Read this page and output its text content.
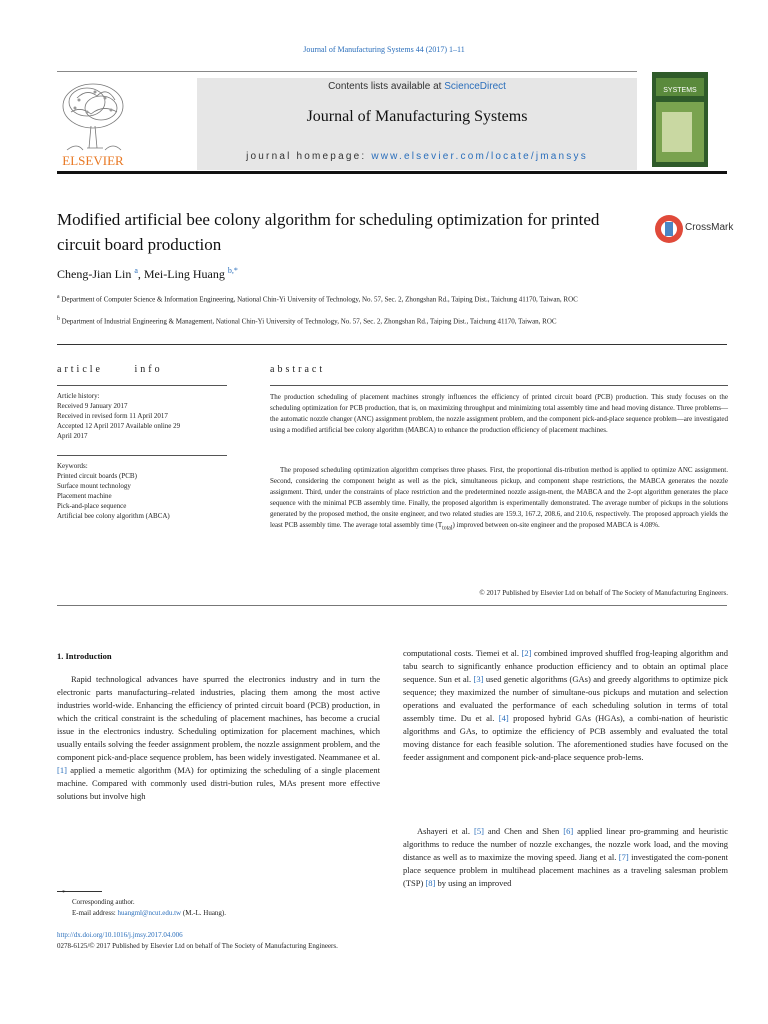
Journal of Manufacturing Systems 44 (2017) 1–11
ELSEVIER
Contents lists available at ScienceDirect
Journal of Manufacturing Systems
journal homepage: www.elsevier.com/locate/jmansys
SYSTEMS
Modified artificial bee colony algorithm for scheduling optimization for printed circuit board production
CrossMark
Cheng-Jian Lin $^a$, Mei-Ling Huang $^{b,*}$
$^a$ Department of Computer Science & Information Engineering, National Chin-Yi University of Technology, No. 57, Sec. 2, Zhongshan Rd., Taiping Dist., Taichung 41170, Taiwan, ROC
$^b$ Department of Industrial Engineering & Management, National Chin-Yi University of Technology, No. 57, Sec. 2, Zhongshan Rd., Taiping Dist., Taichung 41170, Taiwan, ROC
article	info
Article history:
Received 9 January 2017
Received in revised form 11 April 2017
Accepted 12 April 2017 Available online 29
April 2017
Keywords:
Printed circuit boards (PCB)
Surface mount technology
Placement machine
Pick-and-place sequence
Artificial bee colony algorithm (ABCA)
abstract
The production scheduling of placement machines strongly influences the efficiency of printed circuit board (PCB) production. This study focuses on the scheduling optimization for PCB production, that is, on maximizing throughput and minimizing total assembly time and head moving distance. Three problems—the automatic nozzle changer (ANC) assignment problem, the nozzle assignment problem, and the component pick-and-place sequence problem—are investigated using a modified artificial bee colony algorithm (MABCA) to enhance the production efficiency of placement machines.
The proposed scheduling optimization algorithm comprises three phases. First, the proportional dis-tribution method is applied to optimize ANC assignment. Second, considering the component height as well as the pick, simultaneous pickup, and component shape restrictions, the MABCA generates the nozzle assignment. Third, under the constraints of place restriction and the predetermined nozzle assign-ment, the MABCA and the 2-opt algorithm generates the place sequence with the minimal PCB assembly time. Finally, the proposed algorithm is experimentally demonstrated. The average number of pickups in the solutions generated by the proposed method, the onsite engineer, and two related studies are 159.3, 167.2, 208.6, and 210.6, respectively. The proposed approach yields the least PCB assembly time. The average total assembly time $(T_{total})$ improved between on-site engineer and the proposed MABCA is 4.08%.
© 2017 Published by Elsevier Ltd on behalf of The Society of Manufacturing Engineers.
1. Introduction
Rapid technological advances have spurred the electronics industry and in turn the electronic parts manufacturing–related industries, placing them among the most active industries world-wide. Enhancing the efficiency of printed circuit board (PCB) production, in which the critical constraint is the scheduling of placement machines, has become a crucial issue in the electronics industry. Scheduling optimization for placement machines, which usually entails solving the feeder assignment problem, the nozzle assignment problem, and the component pick-and-place sequence problem, has been widely investigated. Neammanee et al. [1] applied a memetic algorithm (MA) for optimizing the scheduling of a single placement machine. Compared with commonly used distri-bution rules, MAs present more effective solutions but involve high
computational costs. Tiemei et al. [2] combined improved shuffled frog-leaping algorithm and tabu search to significantly enhance production efficiency and to obtain an optimal place sequence. Sun et al. [3] used genetic algorithms (GAs) and greedy algorithms to optimize pick sequence; they maximized the number of simultane-ous pickups and mutation and selection operations and evaluated the performance of each scheduling solution in terms of total assembly time. Du et al. [4] proposed hybrid GAs (HGAs), a combi-nation of heuristic algorithms and GAs, to optimize the efficiency of PCB assembly and evaluated the total moving distance for each feasible solution. The aforementioned studies have focused on the feeder assignment and component pick-and-place sequence prob-lems.
Ashayeri et al. [5] and Chen and Shen [6] applied linear pro-gramming and heuristic algorithms to reduce the number of nozzle exchanges, the nozzle work load, and the moving distance as well as to maximize the moving speed. Jiang et al. [7] investigated the com-ponent place sequence problem in multihead placement machines as a traveling salesman problem (TSP) [8] by using an improved
*
Corresponding author.
E-mail address: huangml@ncut.edu.tw (M.-L. Huang).
http://dx.doi.org/10.1016/j.jmsy.2017.04.006
0278-6125/© 2017 Published by Elsevier Ltd on behalf of The Society of Manufacturing Engineers.
